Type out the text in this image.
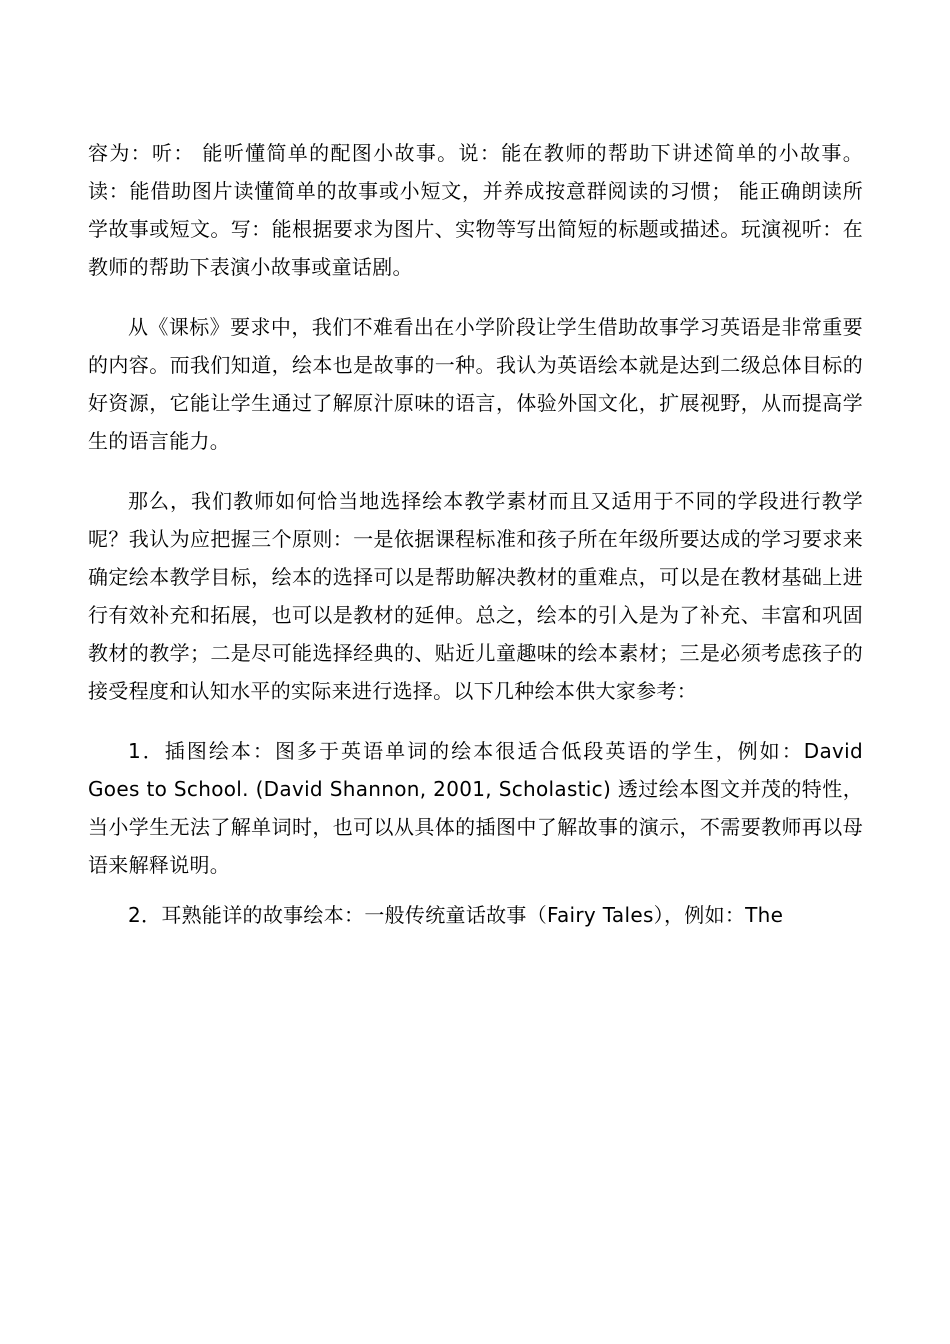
容为：听： 能听懂简单的配图小故事。说：能在教师的帮助下讲述简单的小故事。读：能借助图片读懂简单的故事或小短文，并养成按意群阅读的习惯； 能正确朗读所学故事或短文。写：能根据要求为图片、实物等写出简短的标题或描述。玩演视听：在教师的帮助下表演小故事或童话剧。

从《课标》要求中，我们不难看出在小学阶段让学生借助故事学习英语是非常重要的内容。而我们知道，绘本也是故事的一种。我认为英语绘本就是达到二级总体目标的好资源，它能让学生通过了解原汁原味的语言，体验外国文化，扩展视野，从而提高学生的语言能力。

那么，我们教师如何恰当地选择绘本教学素材而且又适用于不同的学段进行教学呢？我认为应把握三个原则：一是依据课程标准和孩子所在年级所要达成的学习要求来确定绘本教学目标，绘本的选择可以是帮助解决教材的重难点，可以是在教材基础上进行有效补充和拓展，也可以是教材的延伸。总之，绘本的引入是为了补充、丰富和巩固教材的教学；二是尽可能选择经典的、贴近儿童趣味的绘本素材；三是必须考虑孩子的接受程度和认知水平的实际来进行选择。以下几种绘本供大家参考：

1．插图绘本：图多于英语单词的绘本很适合低段英语的学生，例如：David Goes to School. (David Shannon, 2001, Scholastic) 透过绘本图文并茂的特性，当小学生无法了解单词时，也可以从具体的插图中了解故事的演示，不需要教师再以母语来解释说明。

2．耳熟能详的故事绘本：一般传统童话故事（Fairy Tales），例如：The
